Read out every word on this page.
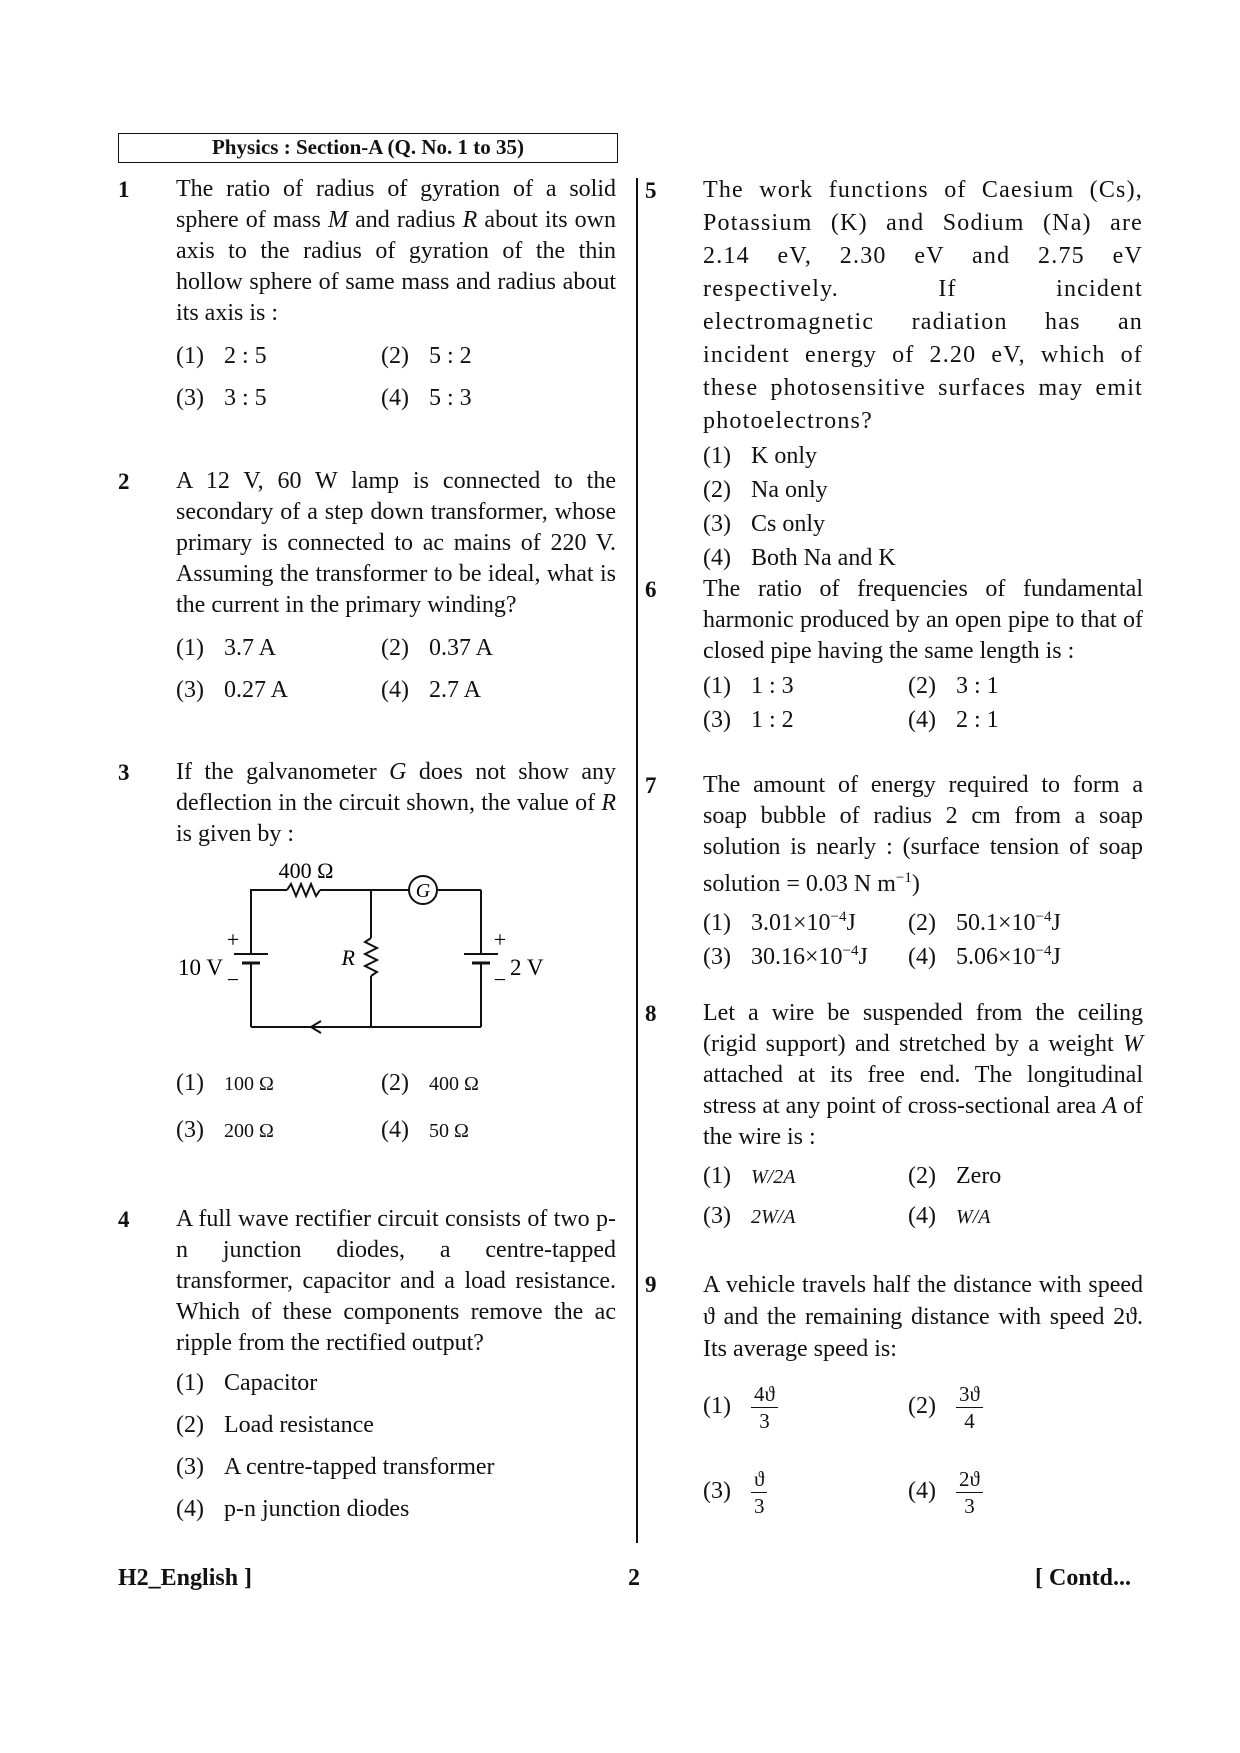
Physics : Section-A (Q. No. 1 to 35)
1 The ratio of radius of gyration of a solid sphere of mass M and radius R about its own axis to the radius of gyration of the thin hollow sphere of same mass and radius about its axis is :
(1) 2 : 5	(2) 5 : 2
(3) 3 : 5	(4) 5 : 3
2 A 12 V, 60 W lamp is connected to the secondary of a step down transformer, whose primary is connected to ac mains of 220 V. Assuming the transformer to be ideal, what is the current in the primary winding?
(1) 3.7 A	(2) 0.37 A
(3) 0.27 A	(4) 2.7 A
3 If the galvanometer G does not show any deflection in the circuit shown, the value of R is given by :
G
400 Ω
R
+
−
10 V
+
− 2 V
(1) 100 Ω	(2) 400 Ω
(3) 200 Ω	(4) 50 Ω
4 A full wave rectifier circuit consists of two p-n junction diodes, a centre-tapped transformer, capacitor and a load resistance. Which of these components remove the ac ripple from the rectified output?
(1) Capacitor
(2) Load resistance
(3) A centre-tapped transformer
(4) p-n junction diodes
5 The work functions of Caesium (Cs), Potassium (K) and Sodium (Na) are 2.14 eV, 2.30 eV and 2.75 eV respectively. If incident electromagnetic radiation has an incident energy of 2.20 eV, which of these photosensitive surfaces may emit photoelectrons?
(1) K only
(2) Na only
(3) Cs only
(4) Both Na and K
6 The ratio of frequencies of fundamental harmonic produced by an open pipe to that of closed pipe having the same length is :
(1) 1 : 3	(2) 3 : 1
(3) 1 : 2	(4) 2 : 1
7 The amount of energy required to form a soap bubble of radius 2 cm from a soap solution is nearly : (surface tension of soap solution = 0.03 N $m^{-1}$)
(1) $3.01\times 10^{-4}J$ (2) $50.1\times 10^{-4}J$
(3) $30.16\times 10^{-4}J$ (4) $5.06\times 10^{-4}J$
8 Let a wire be suspended from the ceiling (rigid support) and stretched by a weight W attached at its free end. The longitudinal stress at any point of cross-sectional area A of the wire is :
(1) W/2A	(2) Zero
(3) 2W/A	(4) W/A
9 A vehicle travels half the distance with speed ϑ and the remaining distance with speed 2ϑ. Its average speed is:
$(1) \frac{4ϑ}{3}$	$(2) \frac{3ϑ}{4}$
$(3) \frac{ϑ}{3}$	$(4) \frac{2ϑ}{3}$
H2_English ]	2	[ Contd...
